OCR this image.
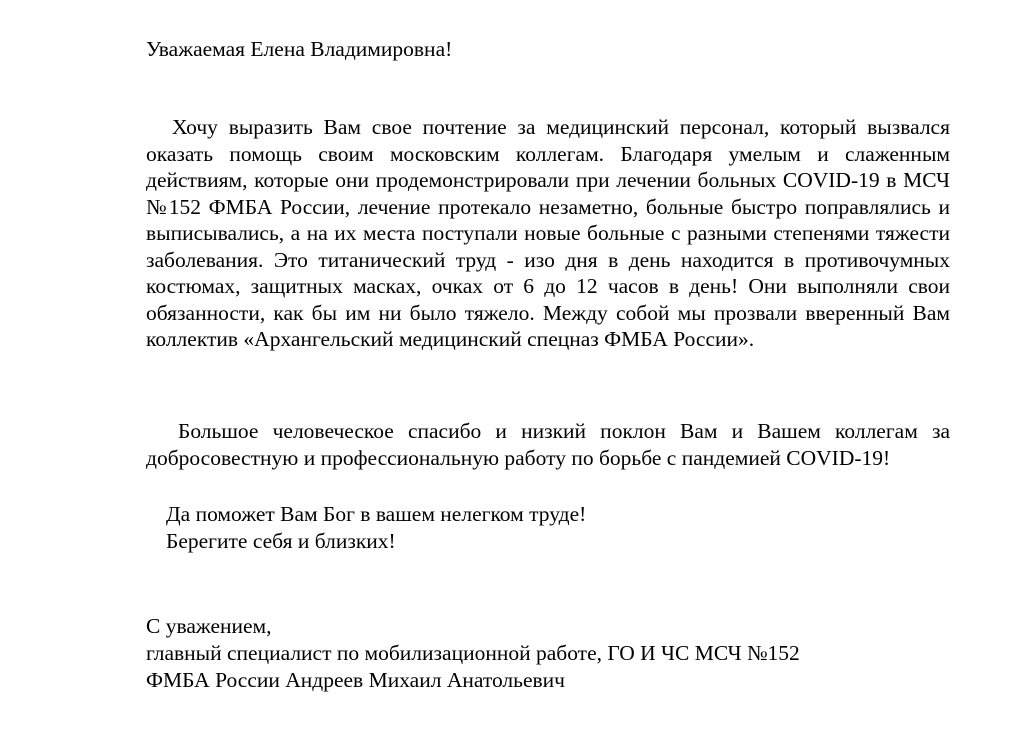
Уважаемая Елена Владимировна!

Хочу выразить Вам свое почтение за медицинский персонал, который вызвался оказать помощь своим московским коллегам. Благодаря умелым и слаженным действиям, которые они продемонстрировали при лечении больных COVID-19 в МСЧ №152 ФМБА России, лечение протекало незаметно, больные быстро поправлялись и выписывались, а на их места поступали новые больные с разными степенями тяжести заболевания. Это титанический труд - изо дня в день находится в противочумных костюмах, защитных масках, очках от 6 до 12 часов в день! Они выполняли свои обязанности, как бы им ни было тяжело. Между собой мы прозвали вверенный Вам коллектив «Архангельский медицинский спецназ ФМБА России».

Большое человеческое спасибо и низкий поклон Вам и Вашем коллегам за добросовестную и профессиональную работу по борьбе с пандемией COVID-19!

Да поможет Вам Бог в вашем нелегком труде!

Берегите себя и близких!

С уважением,

главный специалист по мобилизационной работе, ГО И ЧС МСЧ №152

ФМБА России Андреев Михаил Анатольевич
